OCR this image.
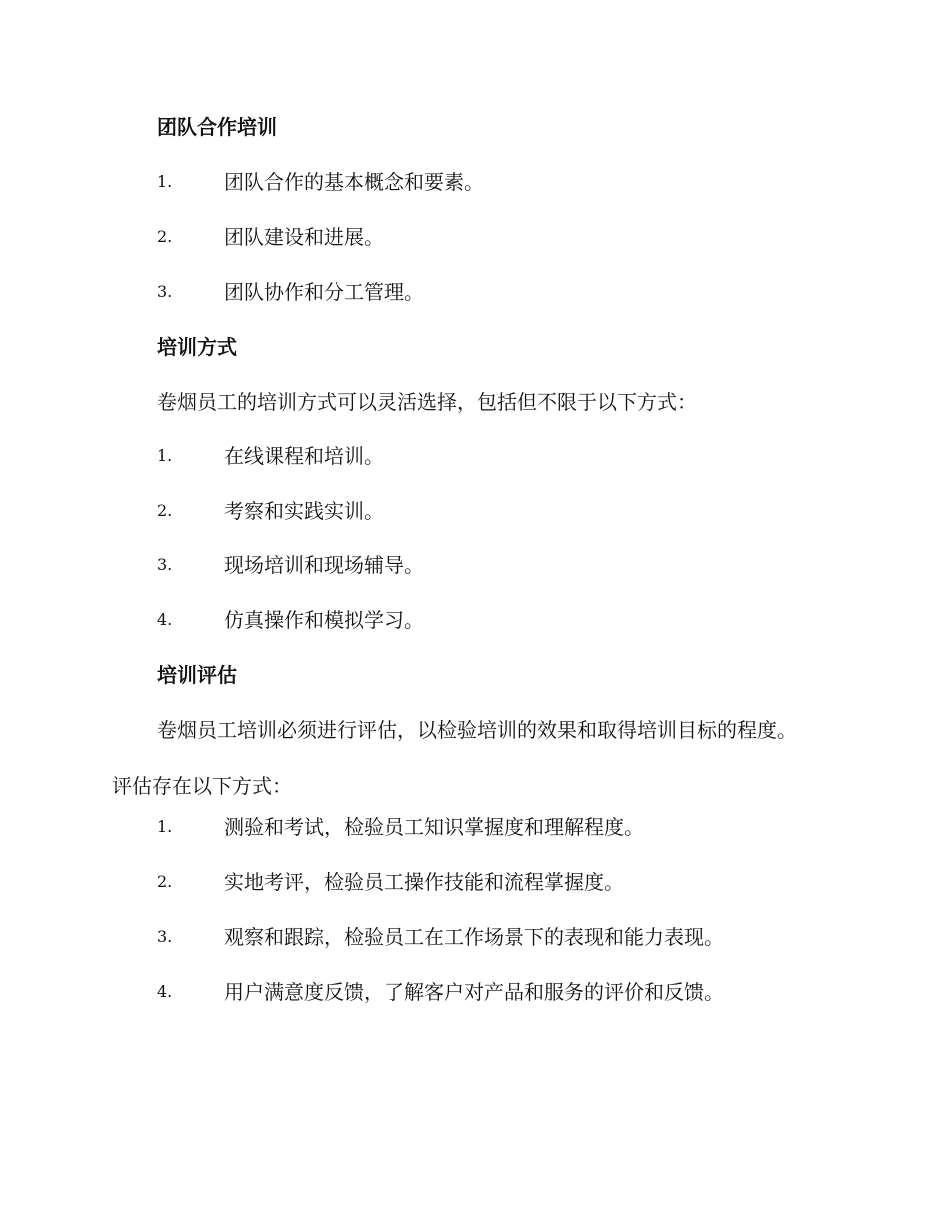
团队合作培训
1.	团队合作的基本概念和要素。
2.	团队建设和进展。
3.	团队协作和分工管理。
培训方式
卷烟员工的培训方式可以灵活选择，包括但不限于以下方式：
1.	在线课程和培训。
2.	考察和实践实训。
3.	现场培训和现场辅导。
4.	仿真操作和模拟学习。
培训评估
卷烟员工培训必须进行评估，以检验培训的效果和取得培训目标的程度。评估存在以下方式：
1.	测验和考试，检验员工知识掌握度和理解程度。
2.	实地考评，检验员工操作技能和流程掌握度。
3.	观察和跟踪，检验员工在工作场景下的表现和能力表现。
4.	用户满意度反馈，了解客户对产品和服务的评价和反馈。
